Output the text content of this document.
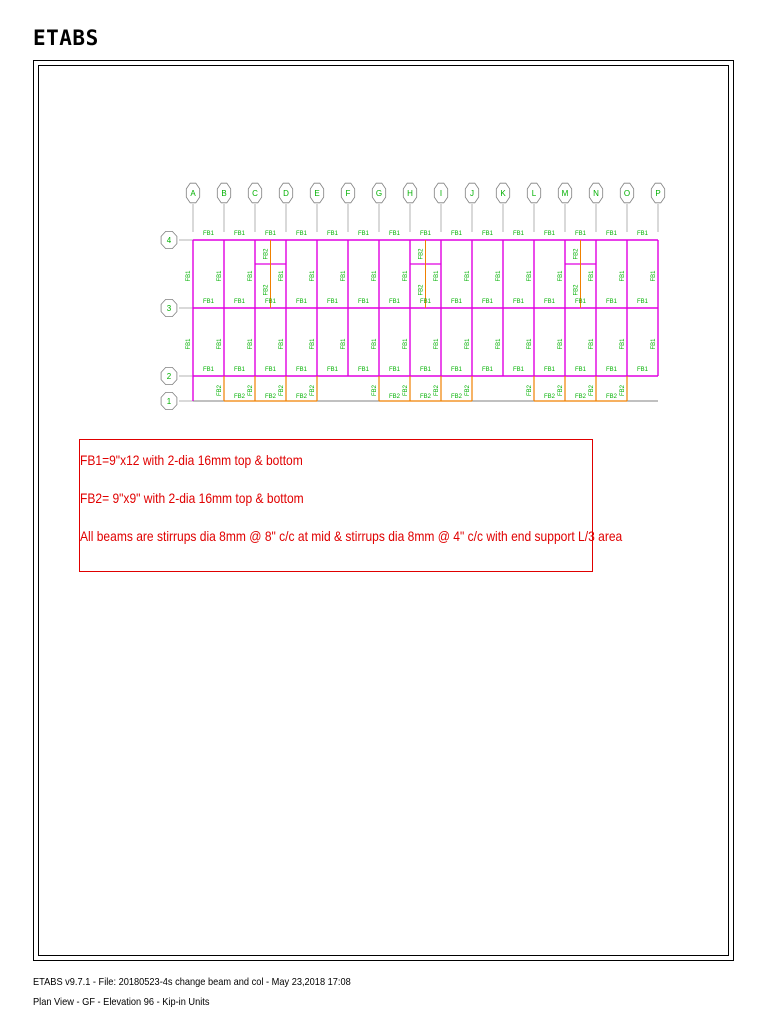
ETABS
A	B	C	D	E	F	G	H	I	J	K	L	M	N	O	P
4
3
2
1
FB1	FB1	FB1	FB1	FB1	FB1	FB1	FB1	FB1	FB1	FB1	FB1	FB1	FB1	FB1
FB1	FB1	FB1	FB1	FB1	FB1	FB1	FB1	FB1	FB1	FB1	FB1	FB1	FB1	FB1
FB1	FB1	FB1	FB1	FB1	FB1	FB1	FB1	FB1	FB1	FB1	FB1	FB1	FB1	FB1
FB1
FB1
FB1
FB1
FB1
FB1
FB1
FB1
FB1
FB1
FB1
FB1
FB1
FB1
FB1
FB1
FB1
FB1
FB1
FB1
FB1
FB1
FB1
FB1
FB1
FB1
FB1
FB1
FB1
FB1
FB1
FB1
FB2	FB2	FB2	FB2	FB2	FB2	FB2	FB2	FB2	FB2	FB2	FB2
FB2	FB2	FB2	FB2	FB2	FB2	FB2	FB2	FB2
FB2
FB2
FB2
FB2
FB2
FB2
FB1=9"x12 with 2-dia 16mm top & bottom
FB2= 9"x9" with 2-dia 16mm top & bottom
All beams are stirrups dia 8mm @ 8" c/c at mid & stirrups dia 8mm @ 4" c/c with end support L/3 area
ETABS v9.7.1 - File: 20180523-4s change beam and col - May 23,2018 17:08
Plan View - GF - Elevation 96 - Kip-in Units
